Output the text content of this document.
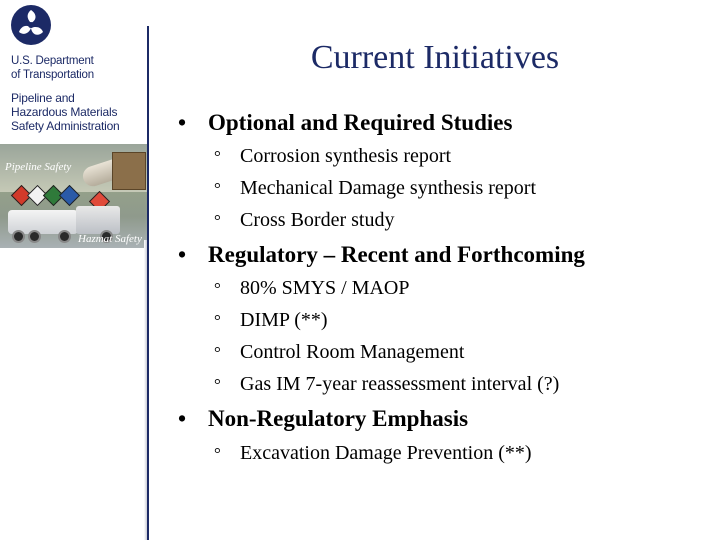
U.S. Department
of Transportation
Pipeline and
Hazardous Materials
Safety Administration
Pipeline Safety
Hazmat Safety
Current Initiatives
• Optional and Required Studies
° Corrosion synthesis report
° Mechanical Damage synthesis report
° Cross Border study
• Regulatory – Recent and Forthcoming
° 80% SMYS / MAOP
° DIMP (**)
° Control Room Management
° Gas IM 7-year reassessment interval (?)
• Non-Regulatory Emphasis
° Excavation Damage Prevention (**)
